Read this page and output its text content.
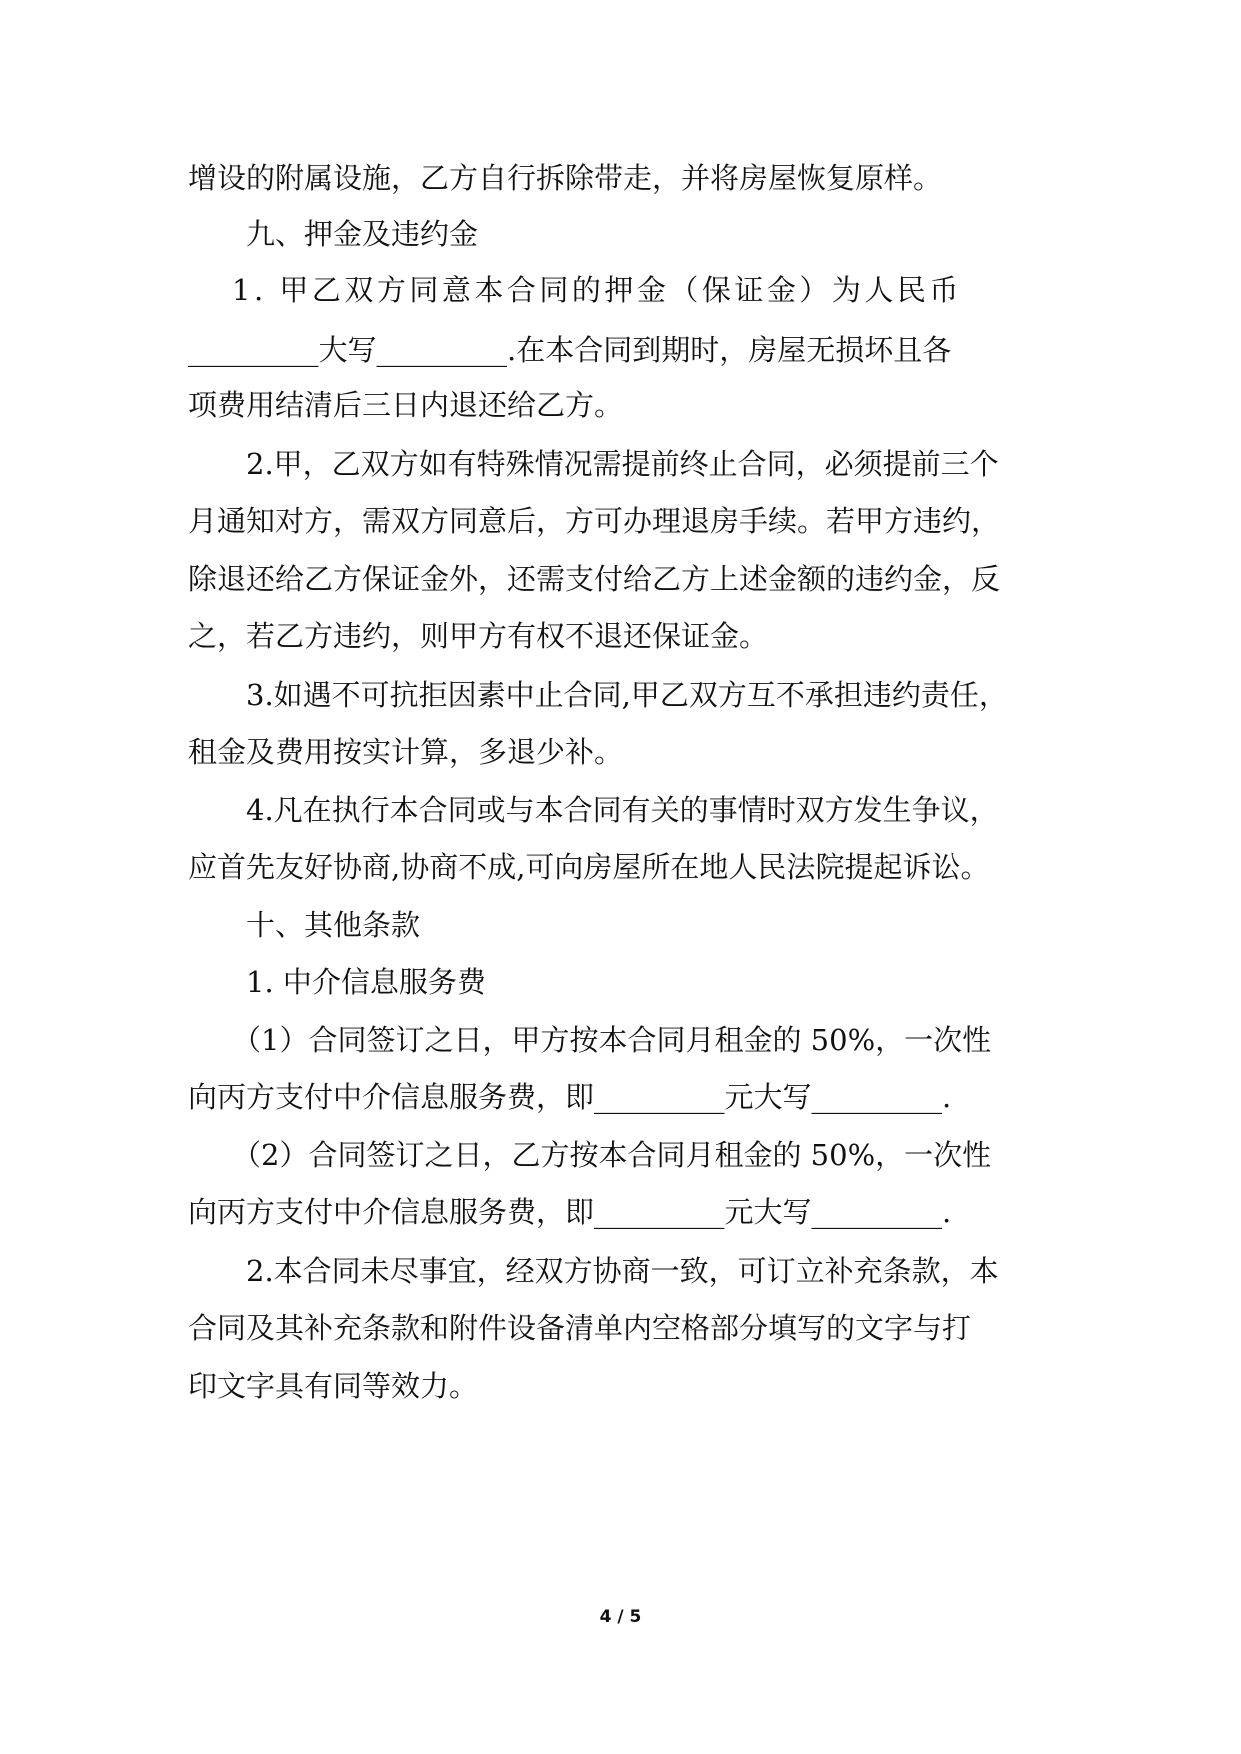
增设的附属设施，乙方自行拆除带走，并将房屋恢复原样。
九、押金及违约金
1. 甲乙双方同意本合同的押金（保证金）为人民币
_________大写_________.在本合同到期时，房屋无损坏且各
项费用结清后三日内退还给乙方。
2.甲，乙双方如有特殊情况需提前终止合同，必须提前三个
月通知对方，需双方同意后，方可办理退房手续。若甲方违约，
除退还给乙方保证金外，还需支付给乙方上述金额的违约金，反
之，若乙方违约，则甲方有权不退还保证金。
3.如遇不可抗拒因素中止合同,甲乙双方互不承担违约责任，
租金及费用按实计算，多退少补。
4.凡在执行本合同或与本合同有关的事情时双方发生争议，
应首先友好协商,协商不成,可向房屋所在地人民法院提起诉讼。
十、其他条款
1. 中介信息服务费
（1）合同签订之日，甲方按本合同月租金的 50%，一次性
向丙方支付中介信息服务费，即_________元大写_________.
（2）合同签订之日，乙方按本合同月租金的 50%，一次性
向丙方支付中介信息服务费，即_________元大写_________.
2.本合同未尽事宜，经双方协商一致，可订立补充条款，本
合同及其补充条款和附件设备清单内空格部分填写的文字与打
印文字具有同等效力。
4 / 5
